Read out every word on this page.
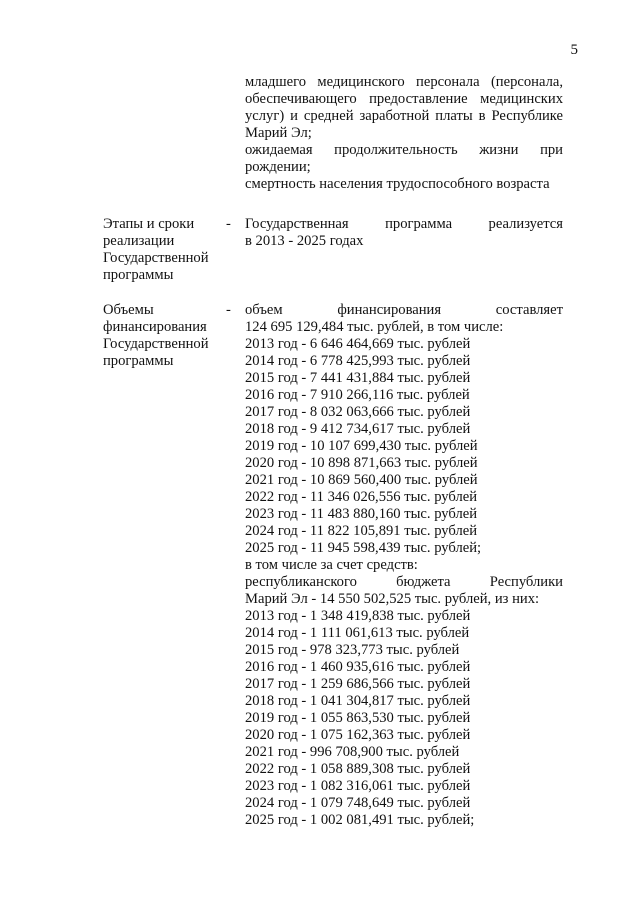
5
младшего медицинского персонала (персонала,
обеспечивающего предоставление медицинских
услуг) и средней заработной платы в Республике
Марий Эл;
ожидаемая продолжительность жизни при
рождении;
смертность населения трудоспособного возраста
Этапы и сроки реализации Государственной программы
- Государственная программа реализуется
в 2013 - 2025 годах
Объемы финансирования Государственной программы
- объем финансирования составляет
124 695 129,484 тыс. рублей, в том числе:
2013 год - 6 646 464,669 тыс. рублей
2014 год - 6 778 425,993 тыс. рублей
2015 год - 7 441 431,884 тыс. рублей
2016 год - 7 910 266,116 тыс. рублей
2017 год - 8 032 063,666 тыс. рублей
2018 год - 9 412 734,617 тыс. рублей
2019 год - 10 107 699,430 тыс. рублей
2020 год - 10 898 871,663 тыс. рублей
2021 год - 10 869 560,400 тыс. рублей
2022 год - 11 346 026,556 тыс. рублей
2023 год - 11 483 880,160 тыс. рублей
2024 год - 11 822 105,891 тыс. рублей
2025 год - 11 945 598,439 тыс. рублей;
в том числе за счет средств:
республиканского бюджета Республики
Марий Эл - 14 550 502,525 тыс. рублей, из них:
2013 год - 1 348 419,838 тыс. рублей
2014 год - 1 111 061,613 тыс. рублей
2015 год - 978 323,773 тыс. рублей
2016 год - 1 460 935,616 тыс. рублей
2017 год - 1 259 686,566 тыс. рублей
2018 год - 1 041 304,817 тыс. рублей
2019 год - 1 055 863,530 тыс. рублей
2020 год - 1 075 162,363 тыс. рублей
2021 год - 996 708,900 тыс. рублей
2022 год - 1 058 889,308 тыс. рублей
2023 год - 1 082 316,061 тыс. рублей
2024 год - 1 079 748,649 тыс. рублей
2025 год - 1 002 081,491 тыс. рублей;
